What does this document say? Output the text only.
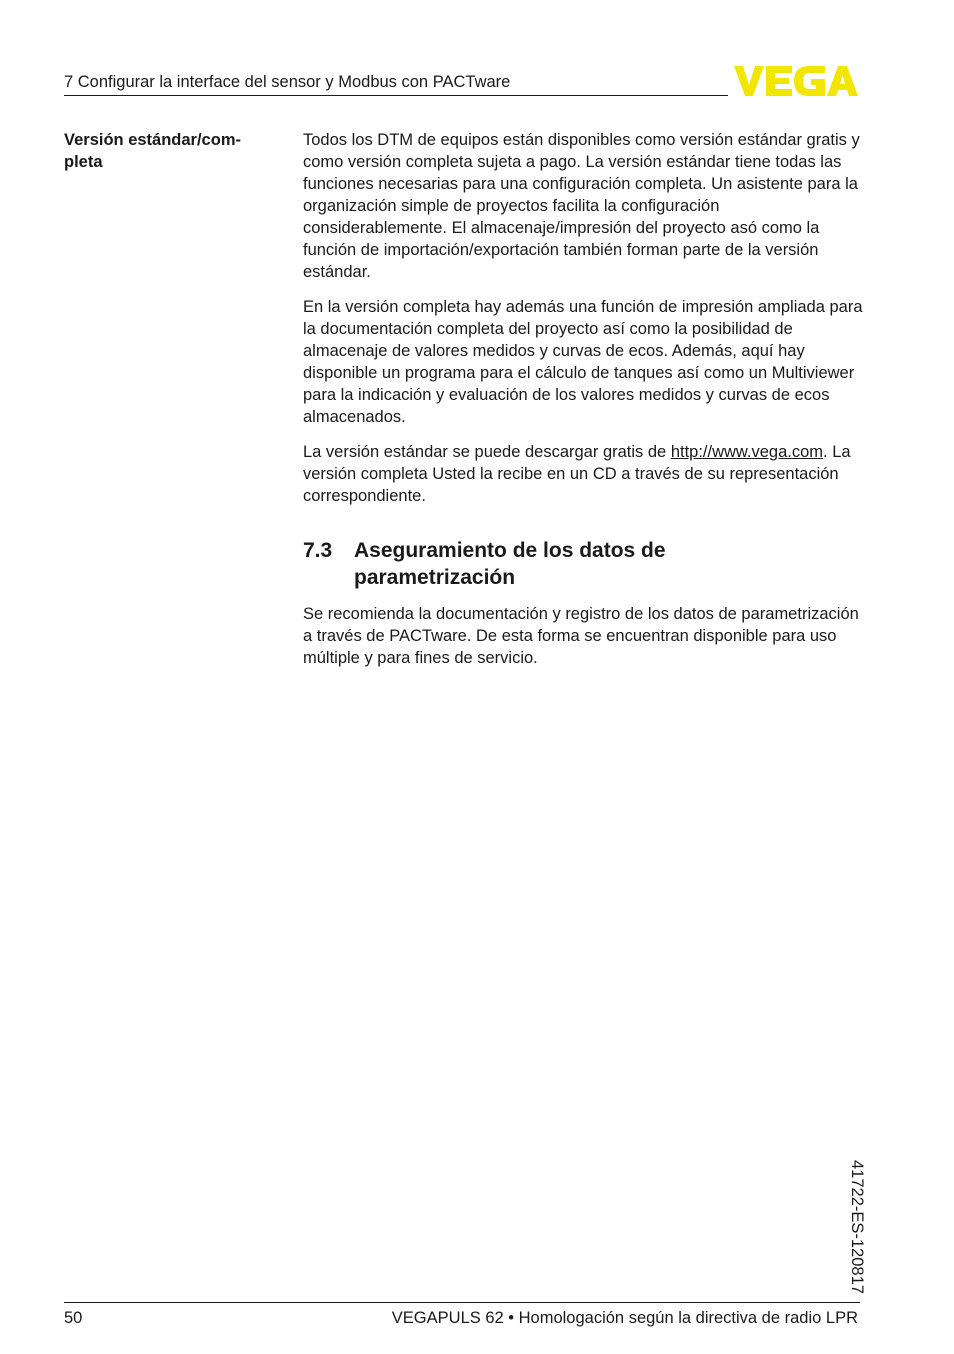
7 Configurar la interface del sensor y Modbus con PACTware
Versión estándar/com-
pleta

Todos los DTM de equipos están disponibles como versión estándar gratis y como versión completa sujeta a pago. La versión estándar tiene todas las funciones necesarias para una configuración completa. Un asistente para la organización simple de proyectos facilita la configuración considerablemente. El almacenaje/impresión del proyecto asó como la función de importación/exportación también forman parte de la versión estándar.

En la versión completa hay además una función de impresión ampliada para la documentación completa del proyecto así como la posibilidad de almacenaje de valores medidos y curvas de ecos. Además, aquí hay disponible un programa para el cálculo de tanques así como un Multiviewer para la indicación y evaluación de los valores medidos y curvas de ecos almacenados.

La versión estándar se puede descargar gratis de http://www.vega.com. La versión completa Usted la recibe en un CD a través de su representación correspondiente.

7.3 Aseguramiento de los datos de parametrización
Se recomienda la documentación y registro de los datos de parametrización a través de PACTware. De esta forma se encuentran disponible para uso múltiple y para fines de servicio.
41722-ES-120817
50	VEGAPULS 62 • Homologación según la directiva de radio LPR
